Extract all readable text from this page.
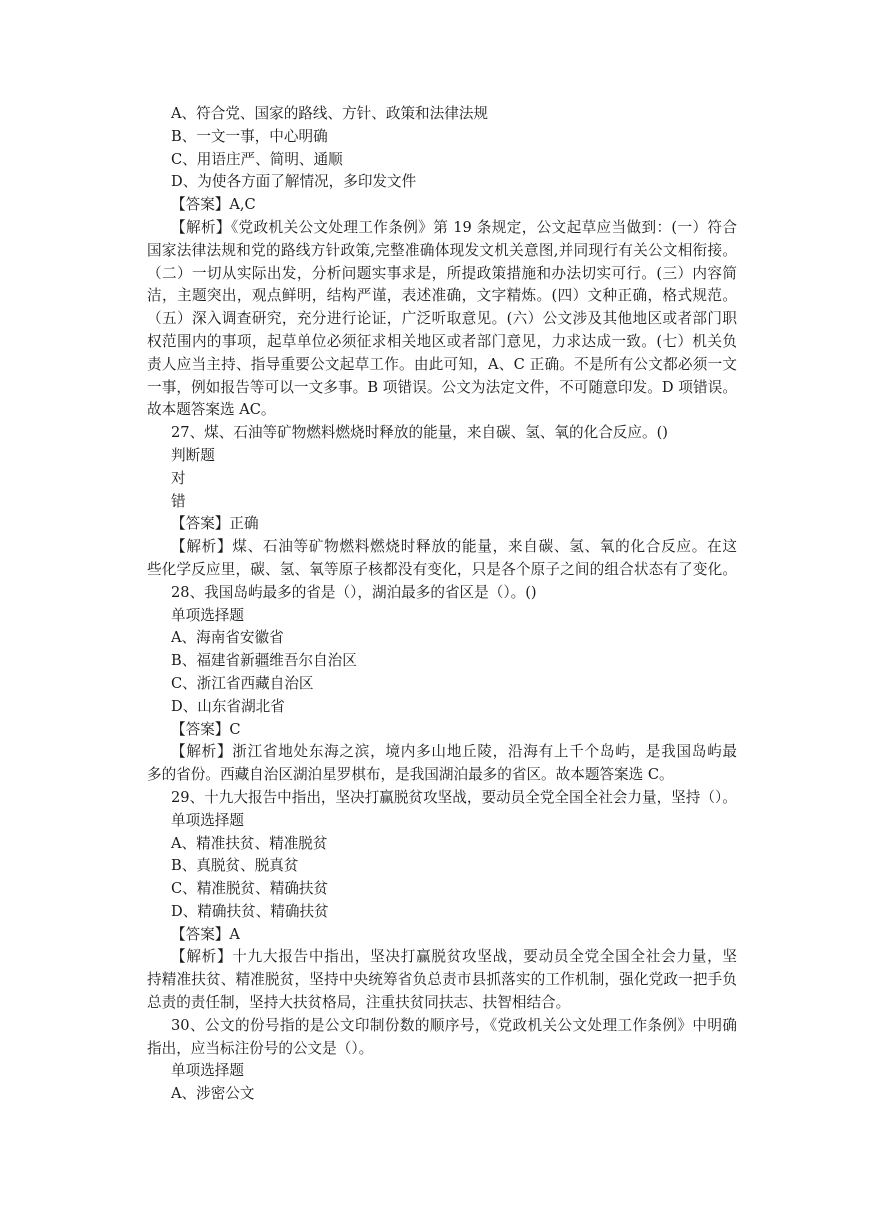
A、符合党、国家的路线、方针、政策和法律法规
B、一文一事，中心明确
C、用语庄严、简明、通顺
D、为使各方面了解情况，多印发文件
【答案】A,C
【解析】《党政机关公文处理工作条例》第 19 条规定，公文起草应当做到：(一）符合
国家法律法规和党的路线方针政策,完整准确体现发文机关意图,并同现行有关公文相衔接。
（二）一切从实际出发，分析问题实事求是，所提政策措施和办法切实可行。(三）内容简
洁，主题突出，观点鲜明，结构严谨，表述准确，文字精炼。(四）文种正确，格式规范。
（五）深入调查研究，充分进行论证，广泛听取意见。(六）公文涉及其他地区或者部门职
权范围内的事项，起草单位必须征求相关地区或者部门意见，力求达成一致。(七）机关负
责人应当主持、指导重要公文起草工作。由此可知，A、C 正确。不是所有公文都必须一文
一事，例如报告等可以一文多事。B 项错误。公文为法定文件，不可随意印发。D 项错误。
故本题答案选 AC。
27、煤、石油等矿物燃料燃烧时释放的能量，来自碳、氢、氧的化合反应。()
判断题
对
错
【答案】正确
【解析】煤、石油等矿物燃料燃烧时释放的能量，来自碳、氢、氧的化合反应。在这
些化学反应里，碳、氢、氧等原子核都没有变化，只是各个原子之间的组合状态有了变化。
28、我国岛屿最多的省是（），湖泊最多的省区是（）。()
单项选择题
A、海南省安徽省
B、福建省新疆维吾尔自治区
C、浙江省西藏自治区
D、山东省湖北省
【答案】C
【解析】浙江省地处东海之滨，境内多山地丘陵，沿海有上千个岛屿，是我国岛屿最
多的省份。西藏自治区湖泊星罗棋布，是我国湖泊最多的省区。故本题答案选 C。
29、十九大报告中指出，坚决打赢脱贫攻坚战，要动员全党全国全社会力量，坚持（）。
单项选择题
A、精准扶贫、精准脱贫
B、真脱贫、脱真贫
C、精准脱贫、精确扶贫
D、精确扶贫、精确扶贫
【答案】A
【解析】十九大报告中指出，坚决打赢脱贫攻坚战，要动员全党全国全社会力量，坚
持精准扶贫、精准脱贫，坚持中央统筹省负总责市县抓落实的工作机制，强化党政一把手负
总责的责任制，坚持大扶贫格局，注重扶贫同扶志、扶智相结合。
30、公文的份号指的是公文印制份数的顺序号，《党政机关公文处理工作条例》中明确
指出，应当标注份号的公文是（）。
单项选择题
A、涉密公文
